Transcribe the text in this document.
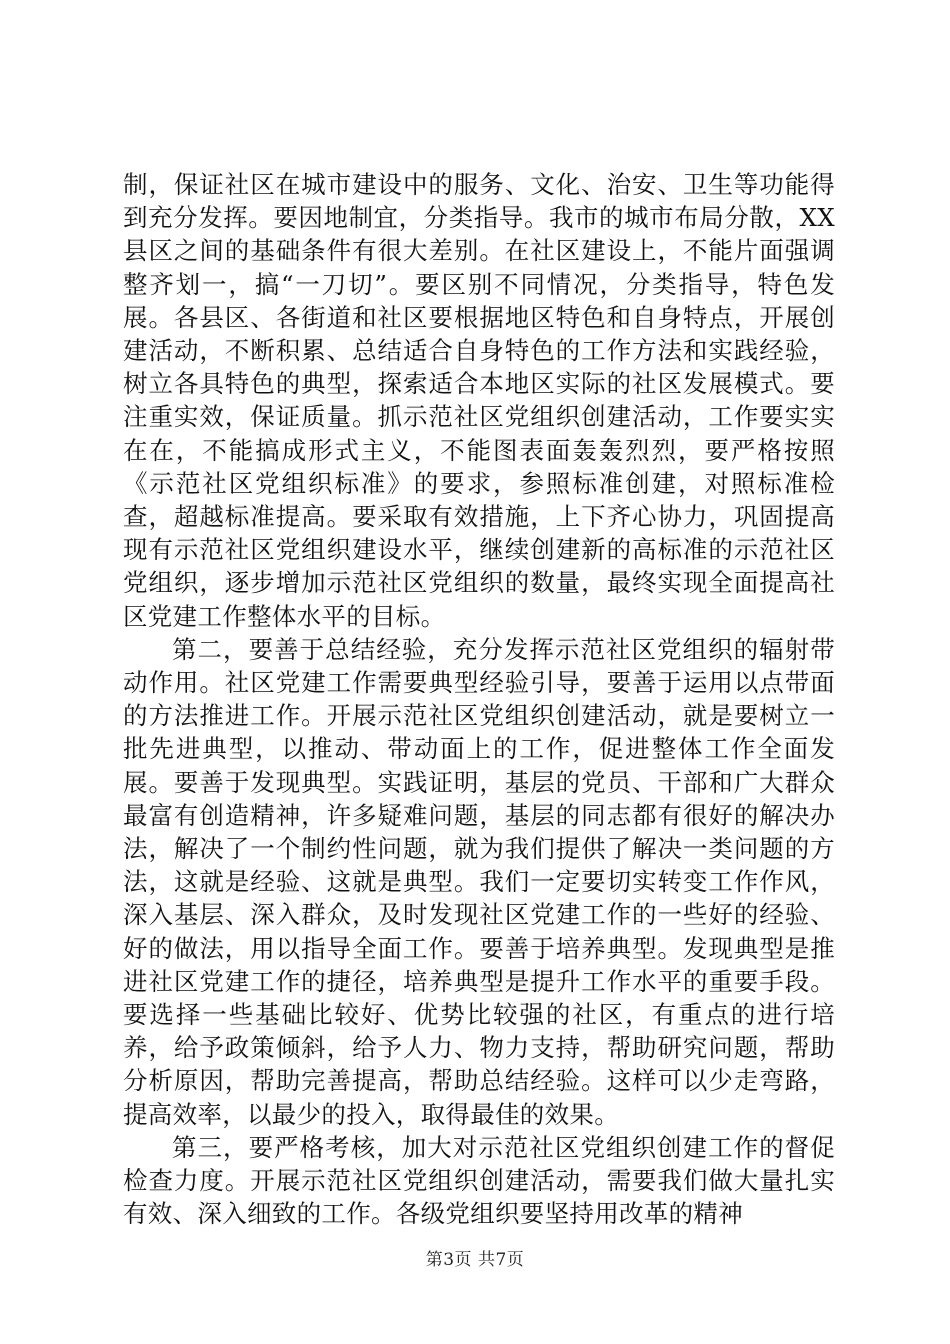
制，保证社区在城市建设中的服务、文化、治安、卫生等功能得到充分发挥。要因地制宜，分类指导。我市的城市布局分散，XX县区之间的基础条件有很大差别。在社区建设上，不能片面强调整齐划一，搞“一刀切”。要区别不同情况，分类指导，特色发展。各县区、各街道和社区要根据地区特色和自身特点，开展创建活动，不断积累、总结适合自身特色的工作方法和实践经验，树立各具特色的典型，探索适合本地区实际的社区发展模式。要注重实效，保证质量。抓示范社区党组织创建活动，工作要实实在在，不能搞成形式主义，不能图表面轰轰烈烈，要严格按照《示范社区党组织标准》的要求，参照标准创建，对照标准检查，超越标准提高。要采取有效措施，上下齐心协力，巩固提高现有示范社区党组织建设水平，继续创建新的高标准的示范社区党组织，逐步增加示范社区党组织的数量，最终实现全面提高社区党建工作整体水平的目标。

第二，要善于总结经验，充分发挥示范社区党组织的辐射带动作用。社区党建工作需要典型经验引导，要善于运用以点带面的方法推进工作。开展示范社区党组织创建活动，就是要树立一批先进典型，以推动、带动面上的工作，促进整体工作全面发展。要善于发现典型。实践证明，基层的党员、干部和广大群众最富有创造精神，许多疑难问题，基层的同志都有很好的解决办法，解决了一个制约性问题，就为我们提供了解决一类问题的方法，这就是经验、这就是典型。我们一定要切实转变工作作风，深入基层、深入群众，及时发现社区党建工作的一些好的经验、好的做法，用以指导全面工作。要善于培养典型。发现典型是推进社区党建工作的捷径，培养典型是提升工作水平的重要手段。要选择一些基础比较好、优势比较强的社区，有重点的进行培养，给予政策倾斜，给予人力、物力支持，帮助研究问题，帮助分析原因，帮助完善提高，帮助总结经验。这样可以少走弯路，提高效率，以最少的投入，取得最佳的效果。

第三，要严格考核，加大对示范社区党组织创建工作的督促检查力度。开展示范社区党组织创建活动，需要我们做大量扎实有效、深入细致的工作。各级党组织要坚持用改革的精神

第3页 共7页
